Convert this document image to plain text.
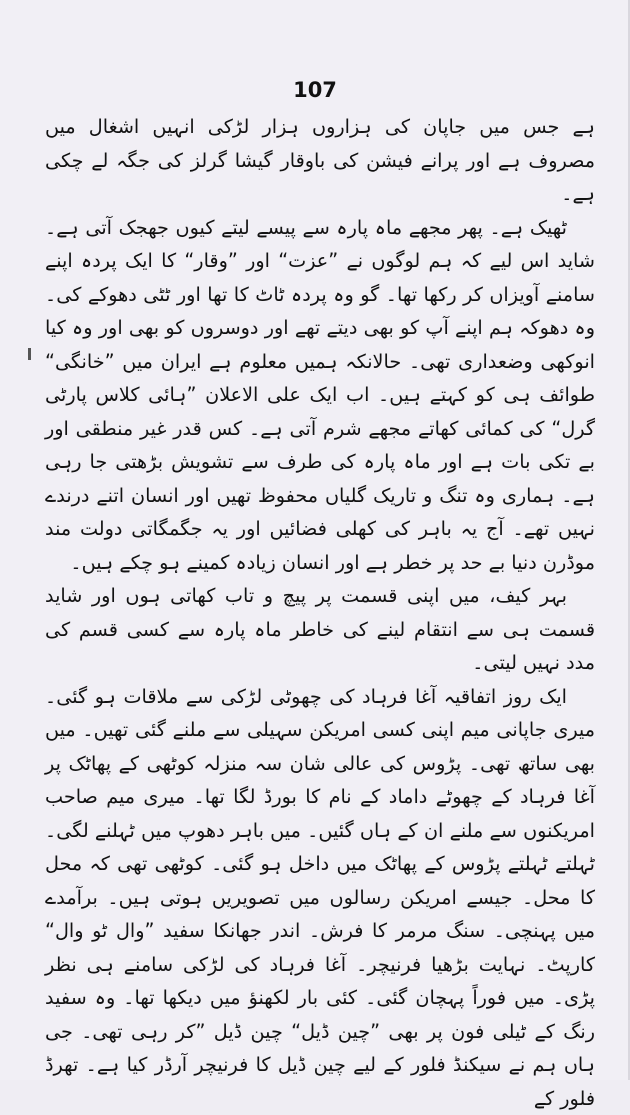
107

ہے جس میں جاپان کی ہزاروں ہزار لڑکی انہیں اشغال میں مصروف ہے اور پرانے فیشن کی باوقار گیشا گرلز کی جگہ لے چکی ہے۔

ٹھیک ہے۔ پھر مجھے ماہ پارہ سے پیسے لیتے کیوں جھجک آتی ہے۔ شاید اس لیے کہ ہم لوگوں نے ”عزت“ اور ”وقار“ کا ایک پردہ اپنے سامنے آویزاں کر رکھا تھا۔ گو وہ پردہ ٹاٹ کا تھا اور ٹٹی دھوکے کی۔ وہ دھوکہ ہم اپنے آپ کو بھی دیتے تھے اور دوسروں کو بھی اور وہ کیا انوکھی وضعداری تھی۔ حالانکہ ہمیں معلوم ہے ایران میں ”خانگی“ طوائف ہی کو کہتے ہیں۔ اب ایک علی الاعلان ”ہائی کلاس پارٹی گرل“ کی کمائی کھاتے مجھے شرم آتی ہے۔ کس قدر غیر منطقی اور بے تکی بات ہے اور ماہ پارہ کی طرف سے تشویش بڑھتی جا رہی ہے۔ ہماری وہ تنگ و تاریک گلیاں محفوظ تھیں اور انسان اتنے درندے نہیں تھے۔ آج یہ باہر کی کھلی فضائیں اور یہ جگمگاتی دولت مند موڈرن دنیا بے حد پر خطر ہے اور انسان زیادہ کمینے ہو چکے ہیں۔

بہر کیف، میں اپنی قسمت پر پیچ و تاب کھاتی ہوں اور شاید قسمت ہی سے انتقام لینے کی خاطر ماہ پارہ سے کسی قسم کی مدد نہیں لیتی۔

ایک روز اتفاقیہ آغا فرہاد کی چھوٹی لڑکی سے ملاقات ہو گئی۔ میری جاپانی میم اپنی کسی امریکن سہیلی سے ملنے گئی تھیں۔ میں بھی ساتھ تھی۔ پڑوس کی عالی شان سہ منزلہ کوٹھی کے پھاٹک پر آغا فرہاد کے چھوٹے داماد کے نام کا بورڈ لگا تھا۔ میری میم صاحب امریکنوں سے ملنے ان کے ہاں گئیں۔ میں باہر دھوپ میں ٹہلنے لگی۔ ٹہلتے ٹہلتے پڑوس کے پھاٹک میں داخل ہو گئی۔ کوٹھی تھی کہ محل کا محل۔ جیسے امریکن رسالوں میں تصویریں ہوتی ہیں۔ برآمدے میں پہنچی۔ سنگ مرمر کا فرش۔ اندر جھانکا سفید ”وال ٹو وال“ کارپٹ۔ نہایت بڑھیا فرنیچر۔ آغا فرہاد کی لڑکی سامنے ہی نظر پڑی۔ میں فوراً پہچان گئی۔ کئی بار لکھنؤ میں دیکھا تھا۔ وہ سفید رنگ کے ٹیلی فون پر بھی ”چین ڈیل“ چین ڈیل ”کر رہی تھی۔ جی ہاں ہم نے سیکنڈ فلور کے لیے چین ڈیل کا فرنیچر آرڈر کیا ہے۔ تھرڈ فلور کے
